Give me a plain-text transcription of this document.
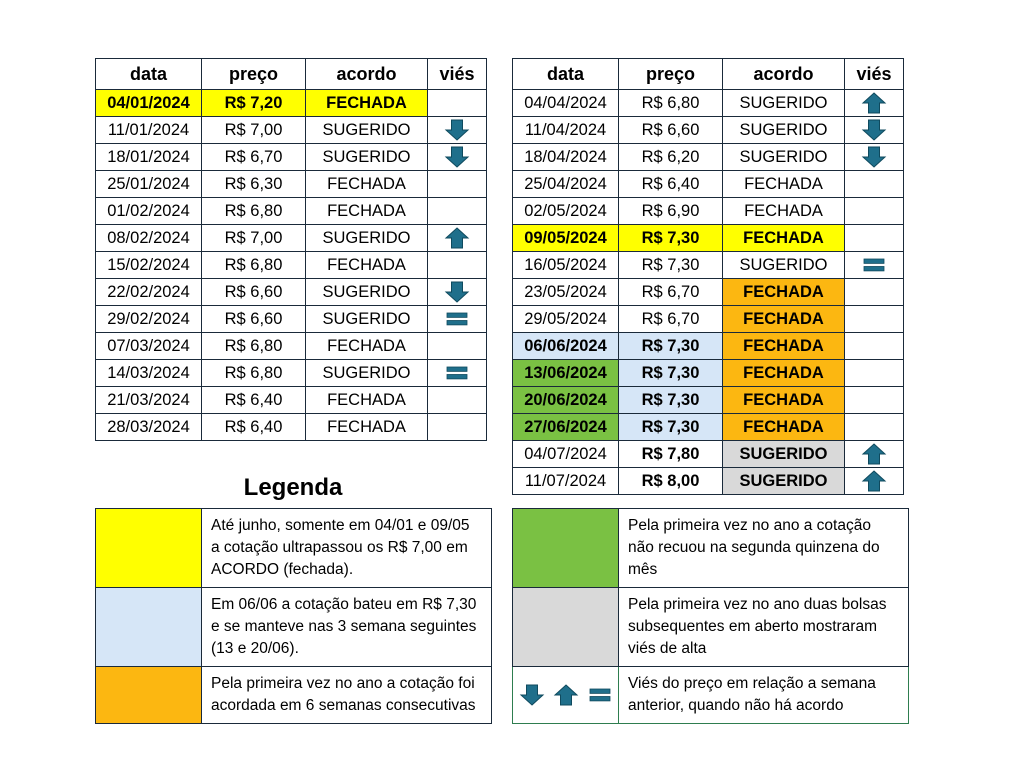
data	preço	acordo	viés
04/01/2024	R$ 7,20	FECHADA	
11/01/2024	R$ 7,00	SUGERIDO	

18/01/2024	R$ 6,70	SUGERIDO	

25/01/2024	R$ 6,30	FECHADA	
01/02/2024	R$ 6,80	FECHADA	
08/02/2024	R$ 7,00	SUGERIDO	

15/02/2024	R$ 6,80	FECHADA	
22/02/2024	R$ 6,60	SUGERIDO	

29/02/2024	R$ 6,60	SUGERIDO	

07/03/2024	R$ 6,80	FECHADA	
14/03/2024	R$ 6,80	SUGERIDO	

21/03/2024	R$ 6,40	FECHADA	
28/03/2024	R$ 6,40	FECHADA	
data	preço	acordo	viés
04/04/2024	R$ 6,80	SUGERIDO	

11/04/2024	R$ 6,60	SUGERIDO	

18/04/2024	R$ 6,20	SUGERIDO	

25/04/2024	R$ 6,40	FECHADA	
02/05/2024	R$ 6,90	FECHADA	
09/05/2024	R$ 7,30	FECHADA	
16/05/2024	R$ 7,30	SUGERIDO	

23/05/2024	R$ 6,70	FECHADA	
29/05/2024	R$ 6,70	FECHADA	
06/06/2024	R$ 7,30	FECHADA	
13/06/2024	R$ 7,30	FECHADA	
20/06/2024	R$ 7,30	FECHADA	
27/06/2024	R$ 7,30	FECHADA	
04/07/2024	R$ 7,80	SUGERIDO	

11/07/2024	R$ 8,00	SUGERIDO	
Legenda
	Até junho, somente em 04/01 e 09/05 a cotação ultrapassou os R$ 7,00 em ACORDO (fechada).
	Em 06/06 a cotação bateu em R$ 7,30 e se manteve nas 3 semana seguintes (13 e 20/06).
	Pela primeira vez no ano a cotação foi acordada em 6 semanas consecutivas
	Pela primeira vez no ano a cotação não recuou na segunda quinzena do mês
	Pela primeira vez no ano duas bolsas subsequentes em aberto mostraram viés de alta

	Viés do preço em relação a semana anterior, quando não há acordo
